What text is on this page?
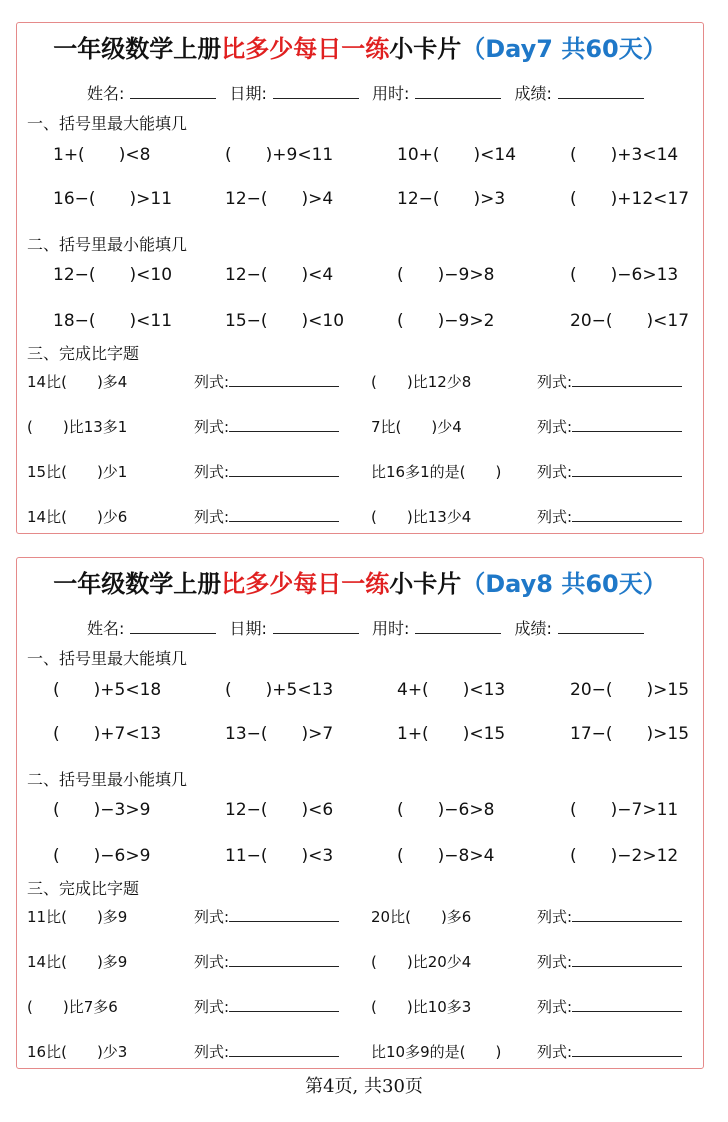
一年级数学上册比多少每日一练小卡片（Day7 共60天）
姓名:	日期:	用时:	成绩:
一、括号里最大能填几
1+(　　)<8	(　　)+9<11	10+(　　)<14	(　　)+3<14
16−(　　)>11	12−(　　)>4	12−(　　)>3	(　　)+12<17
二、括号里最小能填几
12−(　　)<10	12−(　　)<4	(　　)−9>8	(　　)−6>13
18−(　　)<11	15−(　　)<10	(　　)−9>2	20−(　　)<17
三、完成比字题
14比(　　)多4	列式:	(　　)比12少8	列式:
(　　)比13多1	列式:	7比(　　)少4	列式:
15比(　　)少1	列式:	比16多1的是(　　) 列式:
14比(　　)少6	列式:	(　　)比13少4	列式:
一年级数学上册比多少每日一练小卡片（Day8 共60天）
姓名:	日期:	用时:	成绩:
一、括号里最大能填几
(　　)+5<18	(　　)+5<13	4+(　　)<13	20−(　　)>15
(　　)+7<13	13−(　　)>7	1+(　　)<15	17−(　　)>15
二、括号里最小能填几
(　　)−3>9	12−(　　)<6	(　　)−6>8	(　　)−7>11
(　　)−6>9	11−(　　)<3	(　　)−8>4	(　　)−2>12
三、完成比字题
11比(　　)多9	列式:	20比(　　)多6	列式:
14比(　　)多9	列式:	(　　)比20少4	列式:
(　　)比7多6	列式:	(　　)比10多3	列式:
16比(　　)少3	列式:	比10多9的是(　　) 列式:
第4页, 共30页
